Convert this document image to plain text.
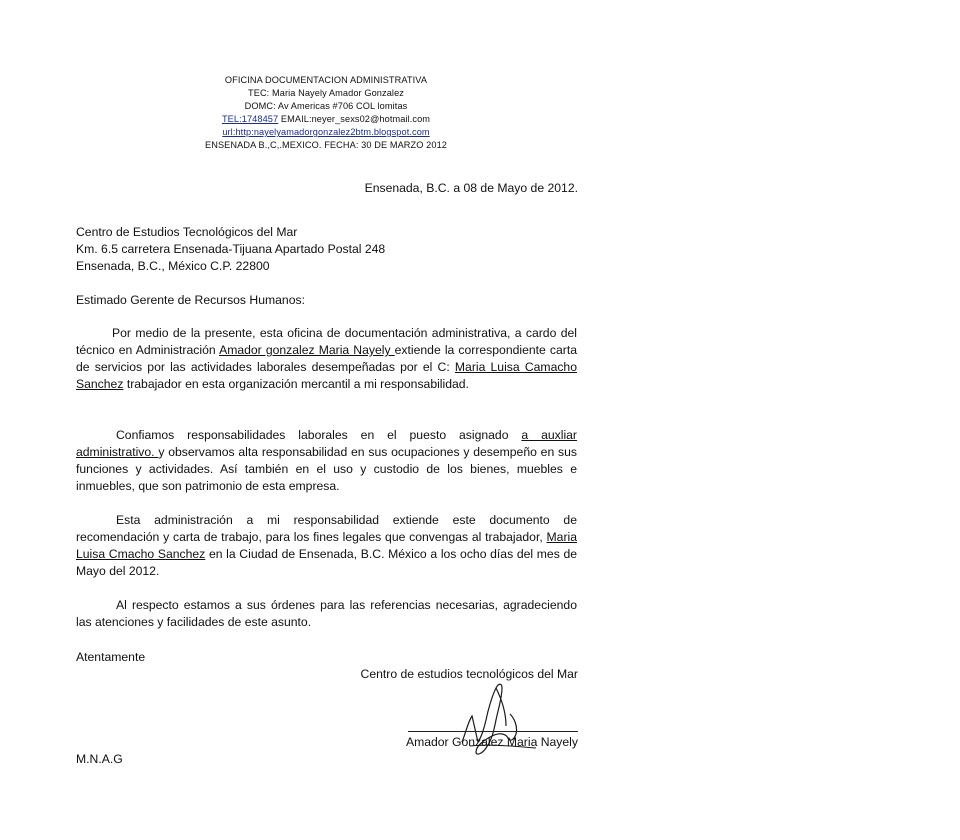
OFICINA DOCUMENTACION ADMINISTRATIVA
TEC: Maria Nayely Amador Gonzalez
DOMC: Av Americas #706 COL lomitas
TEL:1748457 EMAIL:neyer_sexs02@hotmail.com
url:http:nayelyamadorgonzalez2btm.blogspot.com
ENSENADA B.,C,.MEXICO. FECHA: 30 DE MARZO 2012
Ensenada, B.C. a 08 de Mayo de 2012.
Centro de Estudios Tecnológicos del Mar
Km. 6.5 carretera Ensenada-Tijuana Apartado Postal 248
Ensenada, B.C., México C.P. 22800
Estimado Gerente de Recursos Humanos:
Por medio de la presente, esta oficina de documentación administrativa, a cardo del técnico en Administración Amador gonzalez Maria Nayely extiende la correspondiente carta de servicios por las actividades laborales desempeñadas por el C: Maria Luisa Camacho Sanchez trabajador en esta organización mercantil a mi responsabilidad.
Confiamos responsabilidades laborales en el puesto asignado a auxliar administrativo. y observamos alta responsabilidad en sus ocupaciones y desempeño en sus funciones y actividades. Así también en el uso y custodio de los bienes, muebles e inmuebles, que son patrimonio de esta empresa.
Esta administración a mi responsabilidad extiende este documento de recomendación y carta de trabajo, para los fines legales que convengas al trabajador, Maria Luisa Cmacho Sanchez en la Ciudad de Ensenada, B.C. México a los ocho días del mes de Mayo del 2012.
Al respecto estamos a sus órdenes para las referencias necesarias, agradeciendo las atenciones y facilidades de este asunto.
Atentamente
Centro de estudios tecnológicos del Mar
Amador Gonzalez Maria Nayely
M.N.A.G
